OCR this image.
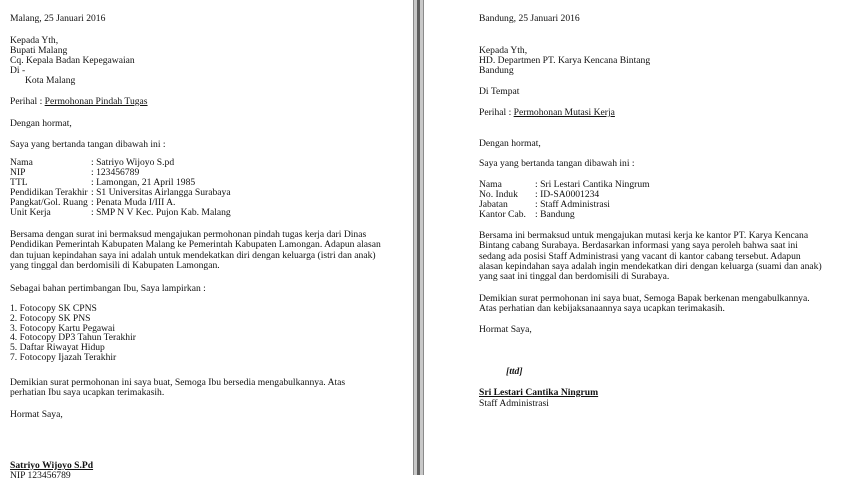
Malang, 25 Januari 2016
Kepada Yth,
Bupati Malang
Cq. Kepala Badan Kepegawaian
Di -
Kota Malang
Perihal : Permohonan Pindah Tugas
Dengan hormat,
Saya yang bertanda tangan dibawah ini :
Nama	: Satriyo Wijoyo S.pd
NIP	: 123456789
TTL	: Lamongan, 21 April 1985
Pendidikan Terakhir : S1 Universitas Airlangga Surabaya
Pangkat/Gol. Ruang : Penata Muda I/III A.
Unit Kerja	: SMP N V Kec. Pujon Kab. Malang
Bersama dengan surat ini bermaksud mengajukan permohonan pindah tugas kerja dari Dinas Pendidikan Pemerintah Kabupaten Malang ke Pemerintah Kabupaten Lamongan. Adapun alasan dan tujuan kepindahan saya ini adalah untuk mendekatkan diri dengan keluarga (istri dan anak) yang tinggal dan berdomisili di Kabupaten Lamongan.
Sebagai bahan pertimbangan Ibu, Saya lampirkan :
1. Fotocopy SK CPNS
2. Fotocopy SK PNS
3. Fotocopy Kartu Pegawai
4. Fotocopy DP3 Tahun Terakhir
5. Daftar Riwayat Hidup
7. Fotocopy Ijazah Terakhir
Demikian surat permohonan ini saya buat, Semoga Ibu bersedia mengabulkannya. Atas perhatian Ibu saya ucapkan terimakasih.
Hormat Saya,
Satriyo Wijoyo S.Pd
NIP 123456789
Bandung, 25 Januari 2016
Kepada Yth,
HD. Departmen PT. Karya Kencana Bintang
Bandung
Di Tempat
Perihal : Permohonan Mutasi Kerja
Dengan hormat,
Saya yang bertanda tangan dibawah ini :
Nama	: Sri Lestari Cantika Ningrum
No. Induk : ID-SA0001234
Jabatan	: Staff Administrasi
Kantor Cab. : Bandung
Bersama ini bermaksud untuk mengajukan mutasi kerja ke kantor PT. Karya Kencana Bintang cabang Surabaya. Berdasarkan informasi yang saya peroleh bahwa saat ini sedang ada posisi Staff Administrasi yang vacant di kantor cabang tersebut. Adapun alasan kepindahan saya adalah ingin mendekatkan diri dengan keluarga (suami dan anak) yang saat ini tinggal dan berdomisili di Surabaya.
Demikian surat permohonan ini saya buat, Semoga Bapak berkenan mengabulkannya. Atas perhatian dan kebijaksanaannya saya ucapkan terimakasih.
Hormat Saya,
[ttd]
Sri Lestari Cantika Ningrum
Staff Administrasi
